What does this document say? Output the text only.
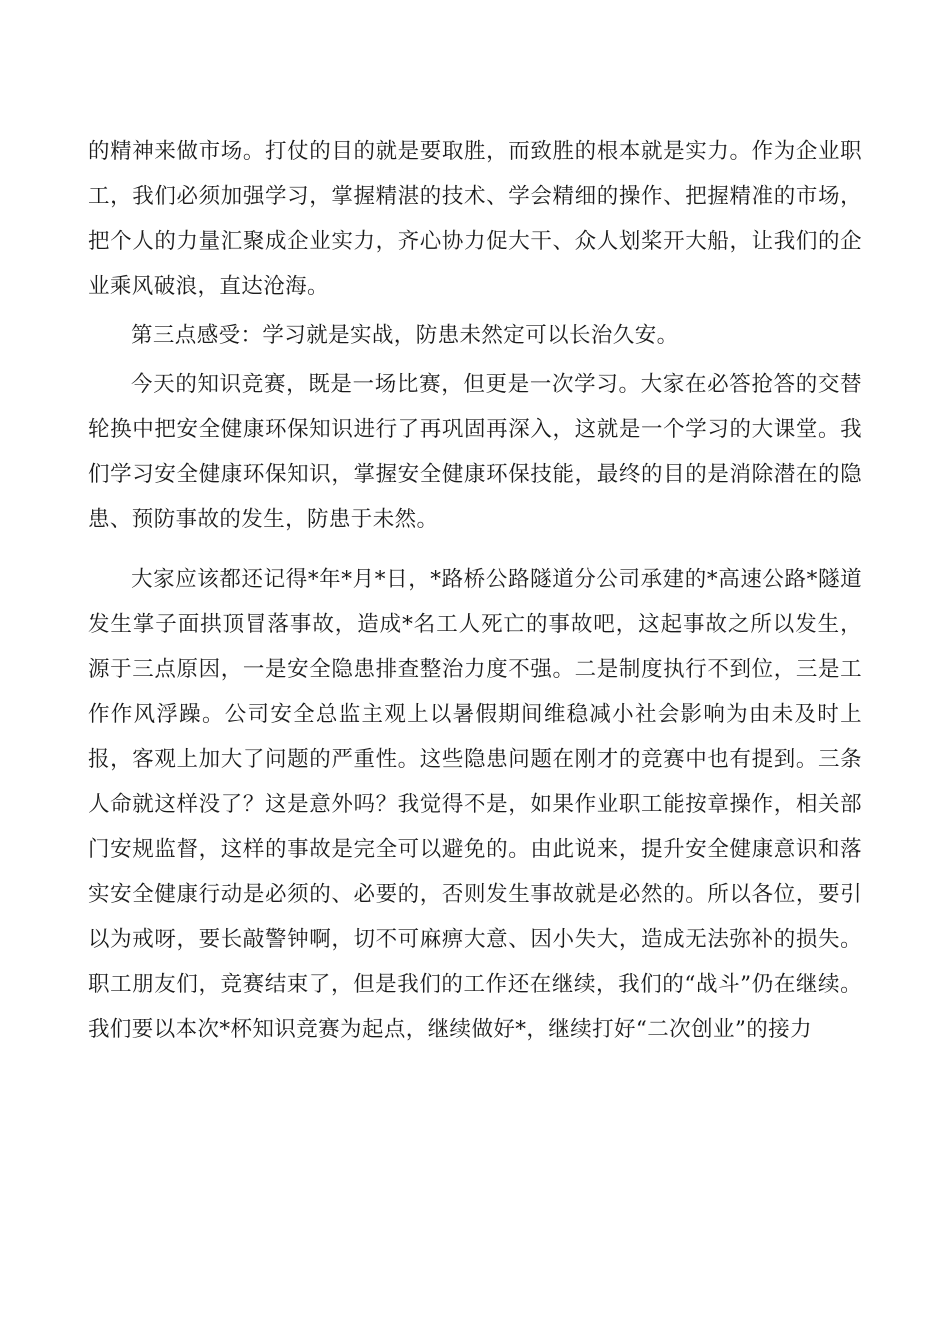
的精神来做市场。打仗的目的就是要取胜，而致胜的根本就是实力。作为企业职工，我们必须加强学习，掌握精湛的技术、学会精细的操作、把握精准的市场，把个人的力量汇聚成企业实力，齐心协力促大干、众人划桨开大船，让我们的企业乘风破浪，直达沧海。

第三点感受：学习就是实战，防患未然定可以长治久安。

今天的知识竞赛，既是一场比赛，但更是一次学习。大家在必答抢答的交替轮换中把安全健康环保知识进行了再巩固再深入，这就是一个学习的大课堂。我们学习安全健康环保知识，掌握安全健康环保技能，最终的目的是消除潜在的隐患、预防事故的发生，防患于未然。

大家应该都还记得*年*月*日，*路桥公路隧道分公司承建的*高速公路*隧道发生掌子面拱顶冒落事故，造成*名工人死亡的事故吧，这起事故之所以发生，源于三点原因，一是安全隐患排查整治力度不强。二是制度执行不到位，三是工作作风浮躁。公司安全总监主观上以暑假期间维稳减小社会影响为由未及时上报，客观上加大了问题的严重性。这些隐患问题在刚才的竞赛中也有提到。三条人命就这样没了？这是意外吗？我觉得不是，如果作业职工能按章操作，相关部门安规监督，这样的事故是完全可以避免的。由此说来，提升安全健康意识和落实安全健康行动是必须的、必要的，否则发生事故就是必然的。所以各位，要引以为戒呀，要长敲警钟啊，切不可麻痹大意、因小失大，造成无法弥补的损失。职工朋友们，竞赛结束了，但是我们的工作还在继续，我们的“战斗”仍在继续。我们要以本次*杯知识竞赛为起点，继续做好*，继续打好“二次创业”的接力
